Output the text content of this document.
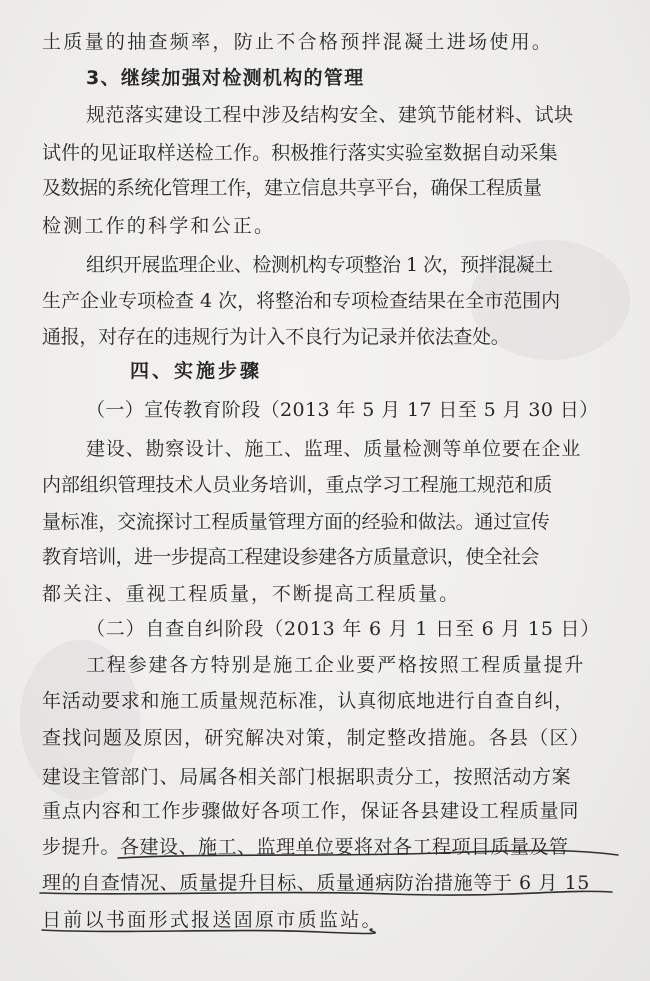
土质量的抽查频率，防止不合格预拌混凝土进场使用。
3、继续加强对检测机构的管理
规范落实建设工程中涉及结构安全、建筑节能材料、试块
试件的见证取样送检工作。积极推行落实实验室数据自动采集
及数据的系统化管理工作，建立信息共享平台，确保工程质量
检测工作的科学和公正。
组织开展监理企业、检测机构专项整治 1 次，预拌混凝土
生产企业专项检查 4 次，将整治和专项检查结果在全市范围内
通报，对存在的违规行为计入不良行为记录并依法查处。
四、实施步骤
（一）宣传教育阶段（2013 年 5 月 17 日至 5 月 30 日）
建设、勘察设计、施工、监理、质量检测等单位要在企业
内部组织管理技术人员业务培训，重点学习工程施工规范和质
量标准，交流探讨工程质量管理方面的经验和做法。通过宣传
教育培训，进一步提高工程建设参建各方质量意识，使全社会
都关注、重视工程质量，不断提高工程质量。
（二）自查自纠阶段（2013 年 6 月 1 日至 6 月 15 日）
工程参建各方特别是施工企业要严格按照工程质量提升
年活动要求和施工质量规范标准，认真彻底地进行自查自纠，
查找问题及原因，研究解决对策，制定整改措施。各县（区）
建设主管部门、局属各相关部门根据职责分工，按照活动方案
重点内容和工作步骤做好各项工作，保证各县建设工程质量同
步提升。各建设、施工、监理单位要将对各工程项目质量及管
理的自查情况、质量提升目标、质量通病防治措施等于 6 月 15
日前以书面形式报送固原市质监站。
